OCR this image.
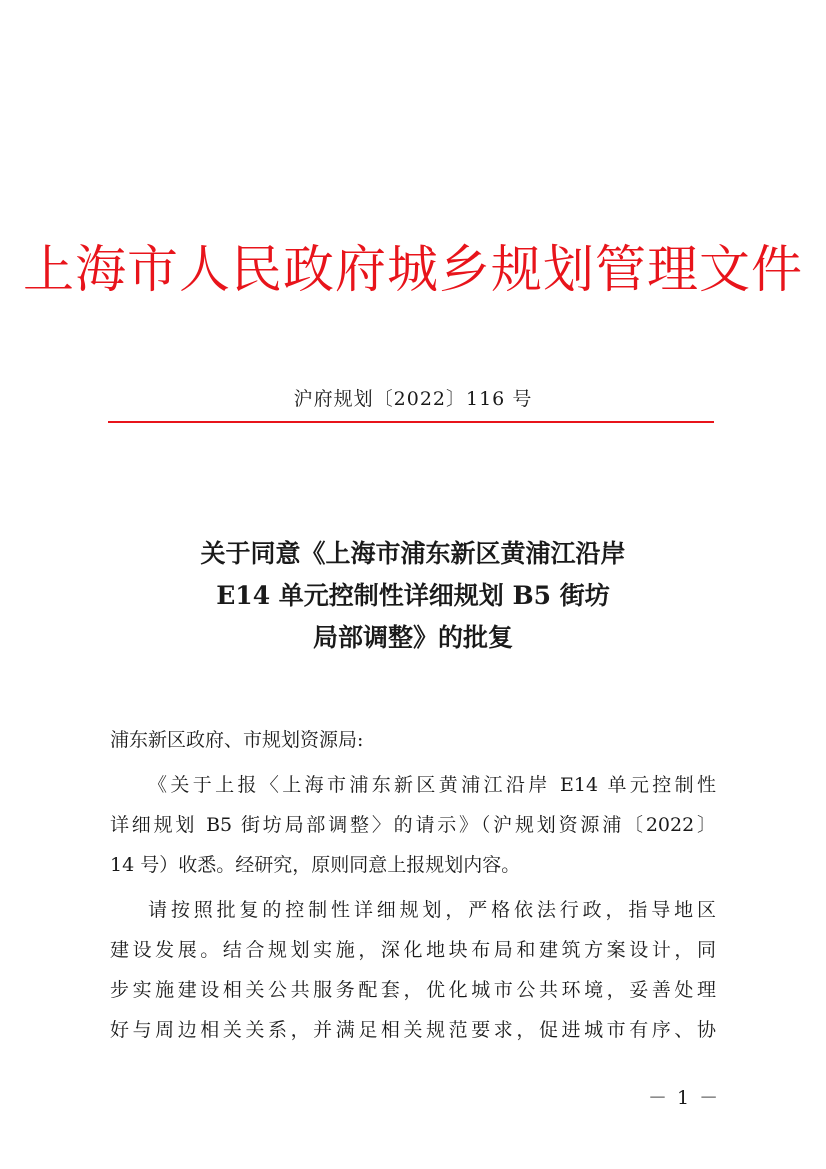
上海市人民政府城乡规划管理文件
沪府规划〔2022〕116 号
关于同意《上海市浦东新区黄浦江沿岸
E14 单元控制性详细规划 B5 街坊
局部调整》的批复
浦东新区政府、市规划资源局:
《关于上报〈上海市浦东新区黄浦江沿岸 E14 单元控制性
详细规划 B5 街坊局部调整〉的请示》（沪规划资源浦〔2022〕
14 号）收悉。经研究，原则同意上报规划内容。
请按照批复的控制性详细规划，严格依法行政，指导地区
建设发展。结合规划实施，深化地块布局和建筑方案设计，同
步实施建设相关公共服务配套，优化城市公共环境，妥善处理
好与周边相关关系，并满足相关规范要求，促进城市有序、协
－ 1 －
